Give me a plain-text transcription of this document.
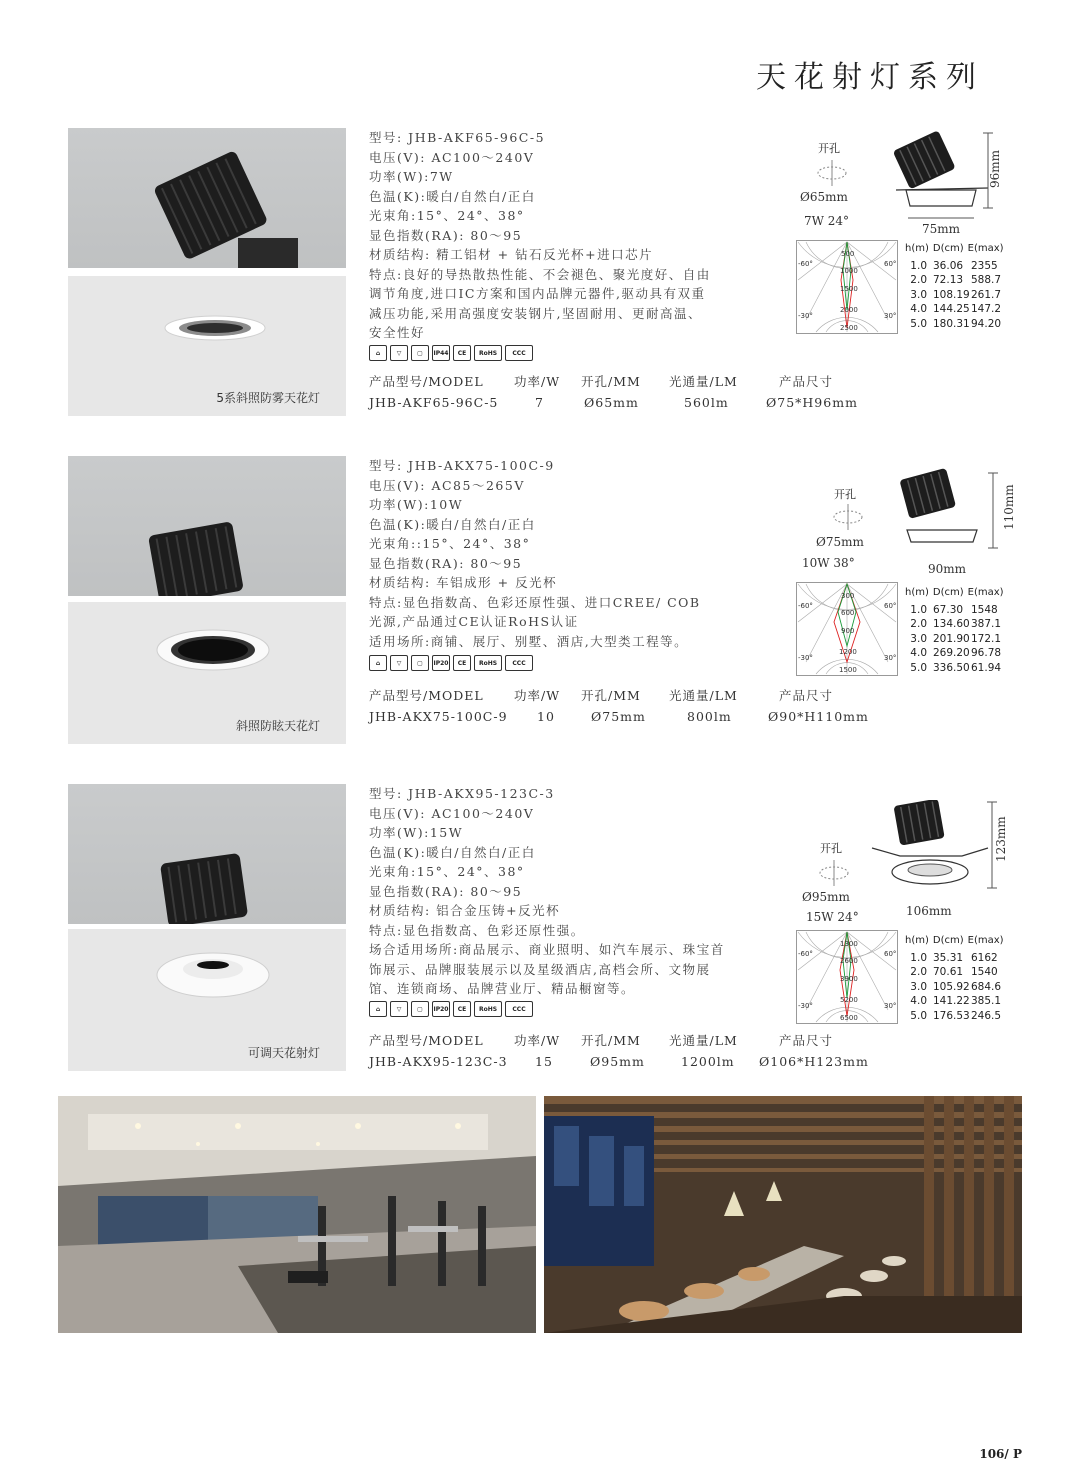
天花射灯系列
5系斜照防雾天花灯

型号: JHB-AKF65-96C-5

电压(V): AC100～240V

功率(W):7W

色温(K):暖白/自然白/正白

光束角:15°、24°、38°

显色指数(RA): 80～95

材质结构: 精工铝材 + 钻石反光杯+进口芯片

特点:良好的导热散热性能、不会褪色、聚光度好、自由调节角度,进口IC方案和国内品牌元器件,驱动具有双重减压功能,采用高强度安装钢片,坚固耐用、更耐高温、安全性好

⌂	▽	▢	IP44	CE	RoHS	CCC
产品型号/MODEL 功率/W 开孔/MM 光通量/LM	产品尺寸
JHB-AKF65-96C-5	7	Ø65mm	560lm	Ø75*H96mm
开孔
Ø65mm
7W 24°
75mm
96mm
-60°	60°
-30°	30°
500
1000
1500
2000
2500
h(m) D(cm) E(max)
1.0 36.06 2355
2.0 72.13 588.7
3.0 108.19 261.7
4.0 144.25 147.2
5.0 180.31 94.20
斜照防眩天花灯

型号: JHB-AKX75-100C-9

电压(V): AC85～265V

功率(W):10W

色温(K):暖白/自然白/正白

光束角::15°、24°、38°

显色指数(RA): 80～95

材质结构: 车铝成形 + 反光杯

特点:显色指数高、色彩还原性强、进口CREE/ COB光源,产品通过CE认证RoHS认证

适用场所:商铺、展厅、别墅、酒店,大型类工程等。

⌂	▽	▢	IP20	CE	RoHS	CCC
产品型号/MODEL 功率/W 开孔/MM 光通量/LM	产品尺寸
JHB-AKX75-100C-9 10	Ø75mm	800lm	Ø90*H110mm
开孔
Ø75mm
10W 38°	90mm
110mm
-60°	60°
-30°	30°
300
600
900
1200
1500
h(m) D(cm) E(max)
1.0 67.30 1548
2.0 134.60 387.1
3.0 201.90 172.1
4.0 269.20 96.78
5.0 336.50 61.94
可调天花射灯

型号: JHB-AKX95-123C-3

电压(V): AC100～240V

功率(W):15W

色温(K):暖白/自然白/正白

光束角:15°、24°、38°

显色指数(RA): 80～95

材质结构: 铝合金压铸+反光杯

特点:显色指数高、色彩还原性强。

场合适用场所:商品展示、商业照明、如汽车展示、珠宝首饰展示、品牌服装展示以及星级酒店,高档会所、文物展馆、连锁商场、品牌营业厅、精品橱窗等。

⌂	▽	▢	IP20	CE	RoHS	CCC
产品型号/MODEL 功率/W 开孔/MM 光通量/LM	产品尺寸
JHB-AKX95-123C-3 15	Ø95mm	1200lm Ø106*H123mm
开孔
Ø95mm
15W 24°	106mm
123mm
-60°	60°
-30°	30°
1300
2600
3900
5200
6500
h(m) D(cm) E(max)
1.0 35.31 6162
2.0 70.61 1540
3.0 105.92 684.6
4.0 141.22 385.1
5.0 176.53 246.5
106/ P
